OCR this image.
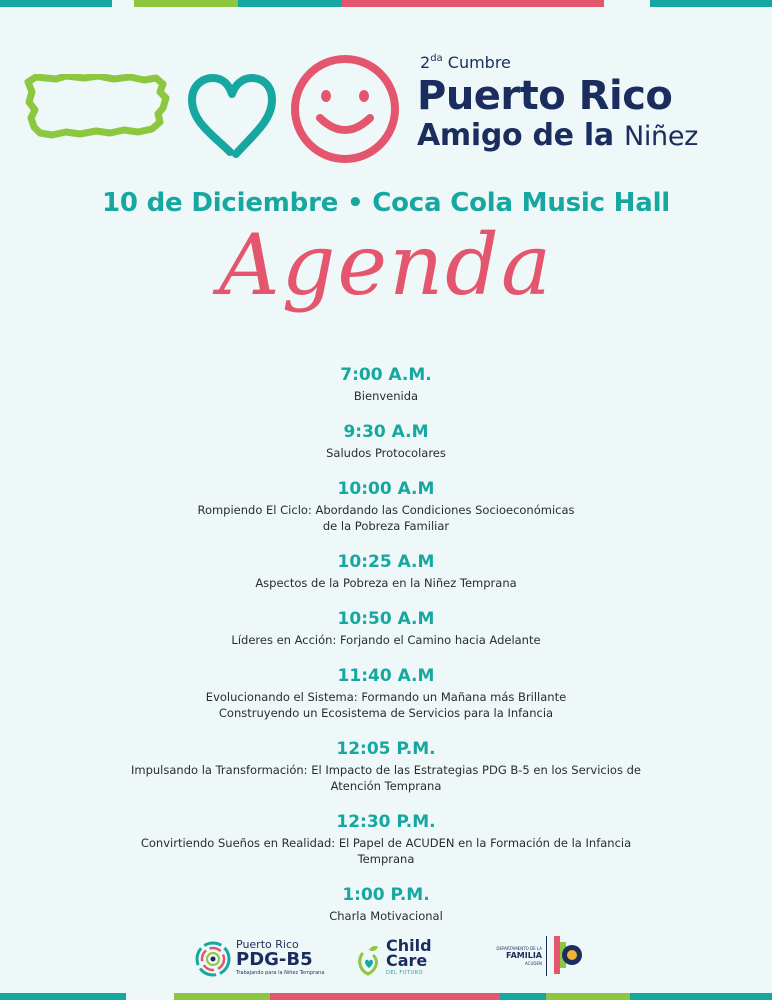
$2^{da}$ Cumbre
Puerto Rico
Amigo de la Niñez
10 de Diciembre • Coca Cola Music Hall
Agenda
7:00 A.M.
Bienvenida
9:30 A.M
Saludos Protocolares
10:00 A.M
Rompiendo El Ciclo: Abordando las Condiciones Socioeconómicas
de la Pobreza Familiar
10:25 A.M
Aspectos de la Pobreza en la Niñez Temprana
10:50 A.M
Líderes en Acción: Forjando el Camino hacia Adelante
11:40 A.M
Evolucionando el Sistema: Formando un Mañana más Brillante
Construyendo un Ecosistema de Servicios para la Infancia
12:05 P.M.
Impulsando la Transformación: El Impacto de las Estrategias PDG B-5 en los Servicios de
Atención Temprana
12:30 P.M.
Convirtiendo Sueños en Realidad: El Papel de ACUDEN en la Formación de la Infancia
Temprana
1:00 P.M.
Charla Motivacional
Puerto Rico
PDG-B5
Trabajando para la Niñez Temprana
Child
Care
DEL FUTURO
DEPARTAMENTO DE LA
FAMILIA
ACUDEN
